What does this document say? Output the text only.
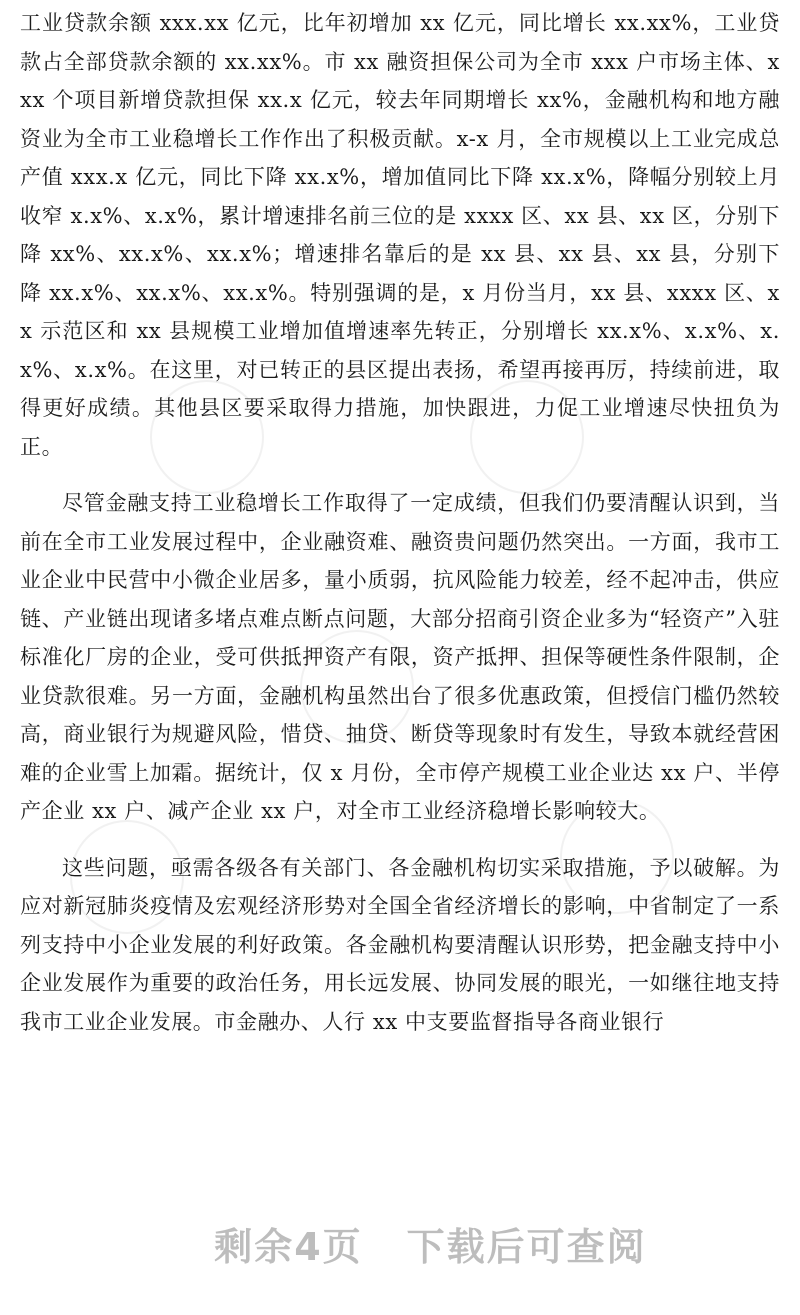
工业贷款余额 xxx.xx 亿元，比年初增加 xx 亿元，同比增长 xx.xx%，工业贷款占全部贷款余额的 xx.xx%。市 xx 融资担保公司为全市 xxx 户市场主体、xxx 个项目新增贷款担保 xx.x 亿元，较去年同期增长 xx%，金融机构和地方融资业为全市工业稳增长工作作出了积极贡献。x-x 月，全市规模以上工业完成总产值 xxx.x 亿元，同比下降 xx.x%，增加值同比下降 xx.x%，降幅分别较上月收窄 x.x%、x.x%，累计增速排名前三位的是 xxxx 区、xx 县、xx 区，分别下降 xx%、xx.x%、xx.x%；增速排名靠后的是 xx 县、xx 县、xx 县，分别下降 xx.x%、xx.x%、xx.x%。特别强调的是，x 月份当月，xx 县、xxxx 区、xx 示范区和 xx 县规模工业增加值增速率先转正，分别增长 xx.x%、x.x%、x.x%、x.x%。在这里，对已转正的县区提出表扬，希望再接再厉，持续前进，取得更好成绩。其他县区要采取得力措施，加快跟进，力促工业增速尽快扭负为正。

尽管金融支持工业稳增长工作取得了一定成绩，但我们仍要清醒认识到，当前在全市工业发展过程中，企业融资难、融资贵问题仍然突出。一方面，我市工业企业中民营中小微企业居多，量小质弱，抗风险能力较差，经不起冲击，供应链、产业链出现诸多堵点难点断点问题，大部分招商引资企业多为“轻资产”入驻标准化厂房的企业，受可供抵押资产有限，资产抵押、担保等硬性条件限制，企业贷款很难。另一方面，金融机构虽然出台了很多优惠政策，但授信门槛仍然较高，商业银行为规避风险，惜贷、抽贷、断贷等现象时有发生，导致本就经营困难的企业雪上加霜。据统计，仅 x 月份，全市停产规模工业企业达 xx 户、半停产企业 xx 户、减产企业 xx 户，对全市工业经济稳增长影响较大。

这些问题，亟需各级各有关部门、各金融机构切实采取措施，予以破解。为应对新冠肺炎疫情及宏观经济形势对全国全省经济增长的影响，中省制定了一系列支持中小企业发展的利好政策。各金融机构要清醒认识形势，把金融支持中小企业发展作为重要的政治任务，用长远发展、协同发展的眼光，一如继往地支持我市工业企业发展。市金融办、人行 xx 中支要监督指导各商业银行

剩余4页 下载后可查阅
